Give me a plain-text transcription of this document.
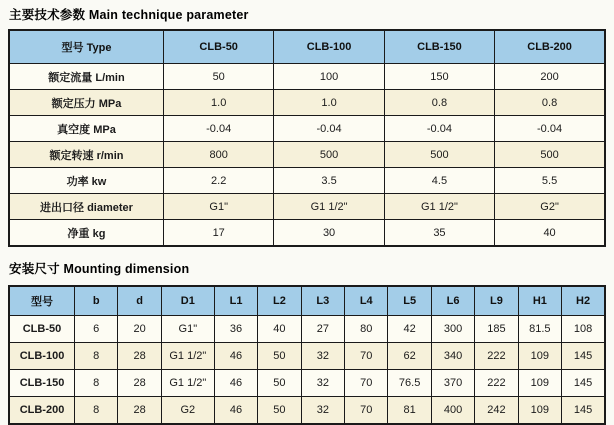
主要技术参数 Main technique parameter
型号 Type	CLB-50	CLB-100	CLB-150	CLB-200
额定流量 L/min	50	100	150	200
额定压力 MPa	1.0	1.0	0.8	0.8
真空度 MPa	-0.04	-0.04	-0.04	-0.04
额定转速 r/min	800	500	500	500
功率 kw	2.2	3.5	4.5	5.5
进出口径 diameter	G1"	G1 1/2"	G1 1/2"	G2"
净重 kg	17	30	35	40
安装尺寸 Mounting dimension
型号	b	d	D1	L1	L2	L3	L4	L5	L6	L9	H1	H2
CLB-50	6	20	G1"	36	40	27	80	42	300	185	81.5	108
CLB-100	8	28	G1 1/2"	46	50	32	70	62	340	222	109	145
CLB-150	8	28	G1 1/2"	46	50	32	70	76.5	370	222	109	145
CLB-200	8	28	G2	46	50	32	70	81	400	242	109	145
